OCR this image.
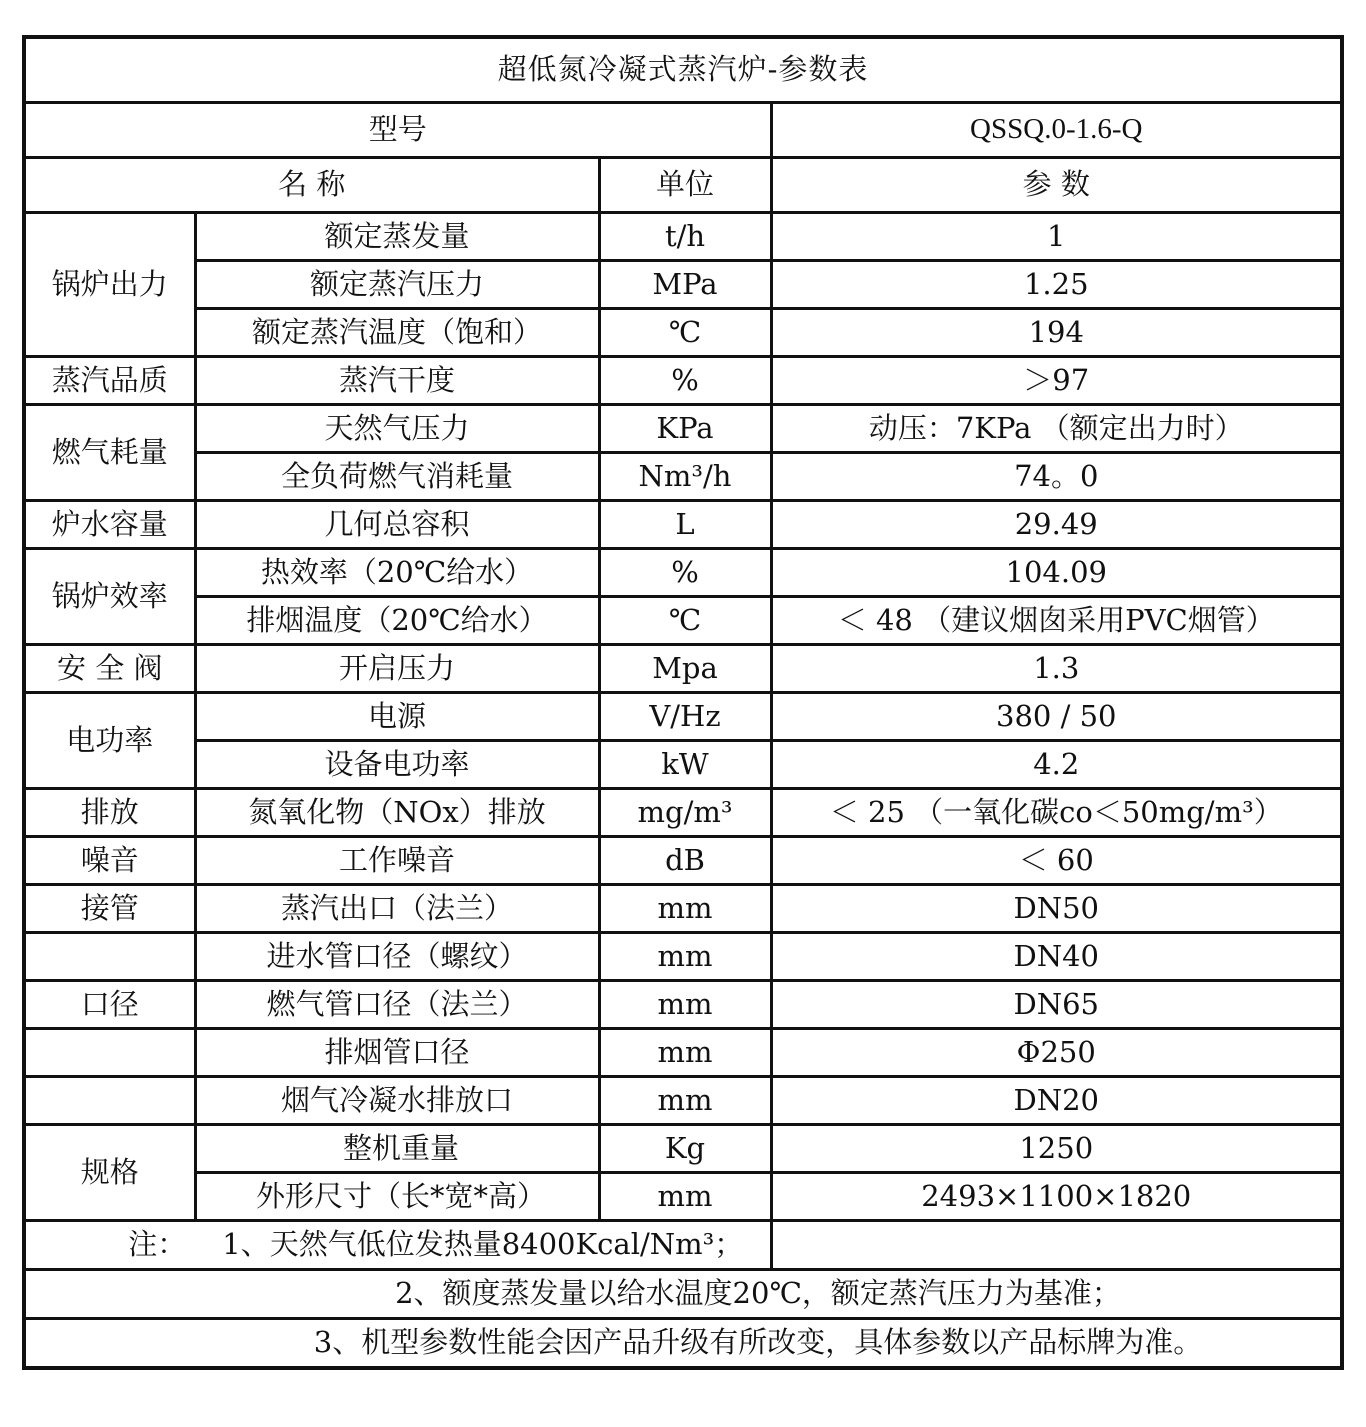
超低氮冷凝式蒸汽炉-参数表			
型号			QSSQ.0-1.6-Q
名 称		单位	参 数
锅炉出力	额定蒸发量	t/h	1
	额定蒸汽压力	MPa	1.25
	额定蒸汽温度（饱和）	℃	194
蒸汽品质	蒸汽干度	%	＞97
燃气耗量	天然气压力	KPa	动压：7KPa （额定出力时）
	全负荷燃气消耗量	Nm³/h	74。0
炉水容量	几何总容积	L	29.49
锅炉效率	热效率（20℃给水）	%	104.09
	排烟温度（20℃给水）	℃	＜ 48 （建议烟囱采用PVC烟管）
安 全 阀	开启压力	Mpa	1.3
电功率	电源	V/Hz	380 / 50
	设备电功率	kW	4.2
排放	氮氧化物（NOx）排放	mg/m³	＜ 25 （一氧化碳co＜50mg/m³）
噪音	工作噪音	dB	＜ 60
接管	蒸汽出口（法兰）	mm	DN50
	进水管口径（螺纹）	mm	DN40
口径	燃气管口径（法兰）	mm	DN65
	排烟管口径	mm	Φ250
	烟气冷凝水排放口	mm	DN20
规格	整机重量	Kg	1250
	外形尺寸（长*宽*高）	mm	2493×1100×1820
注： 1、天然气低位发热量8400Kcal/Nm³；			
2、额度蒸发量以给水温度20℃，额定蒸汽压力为基准；			
3、机型参数性能会因产品升级有所改变，具体参数以产品标牌为准。			
